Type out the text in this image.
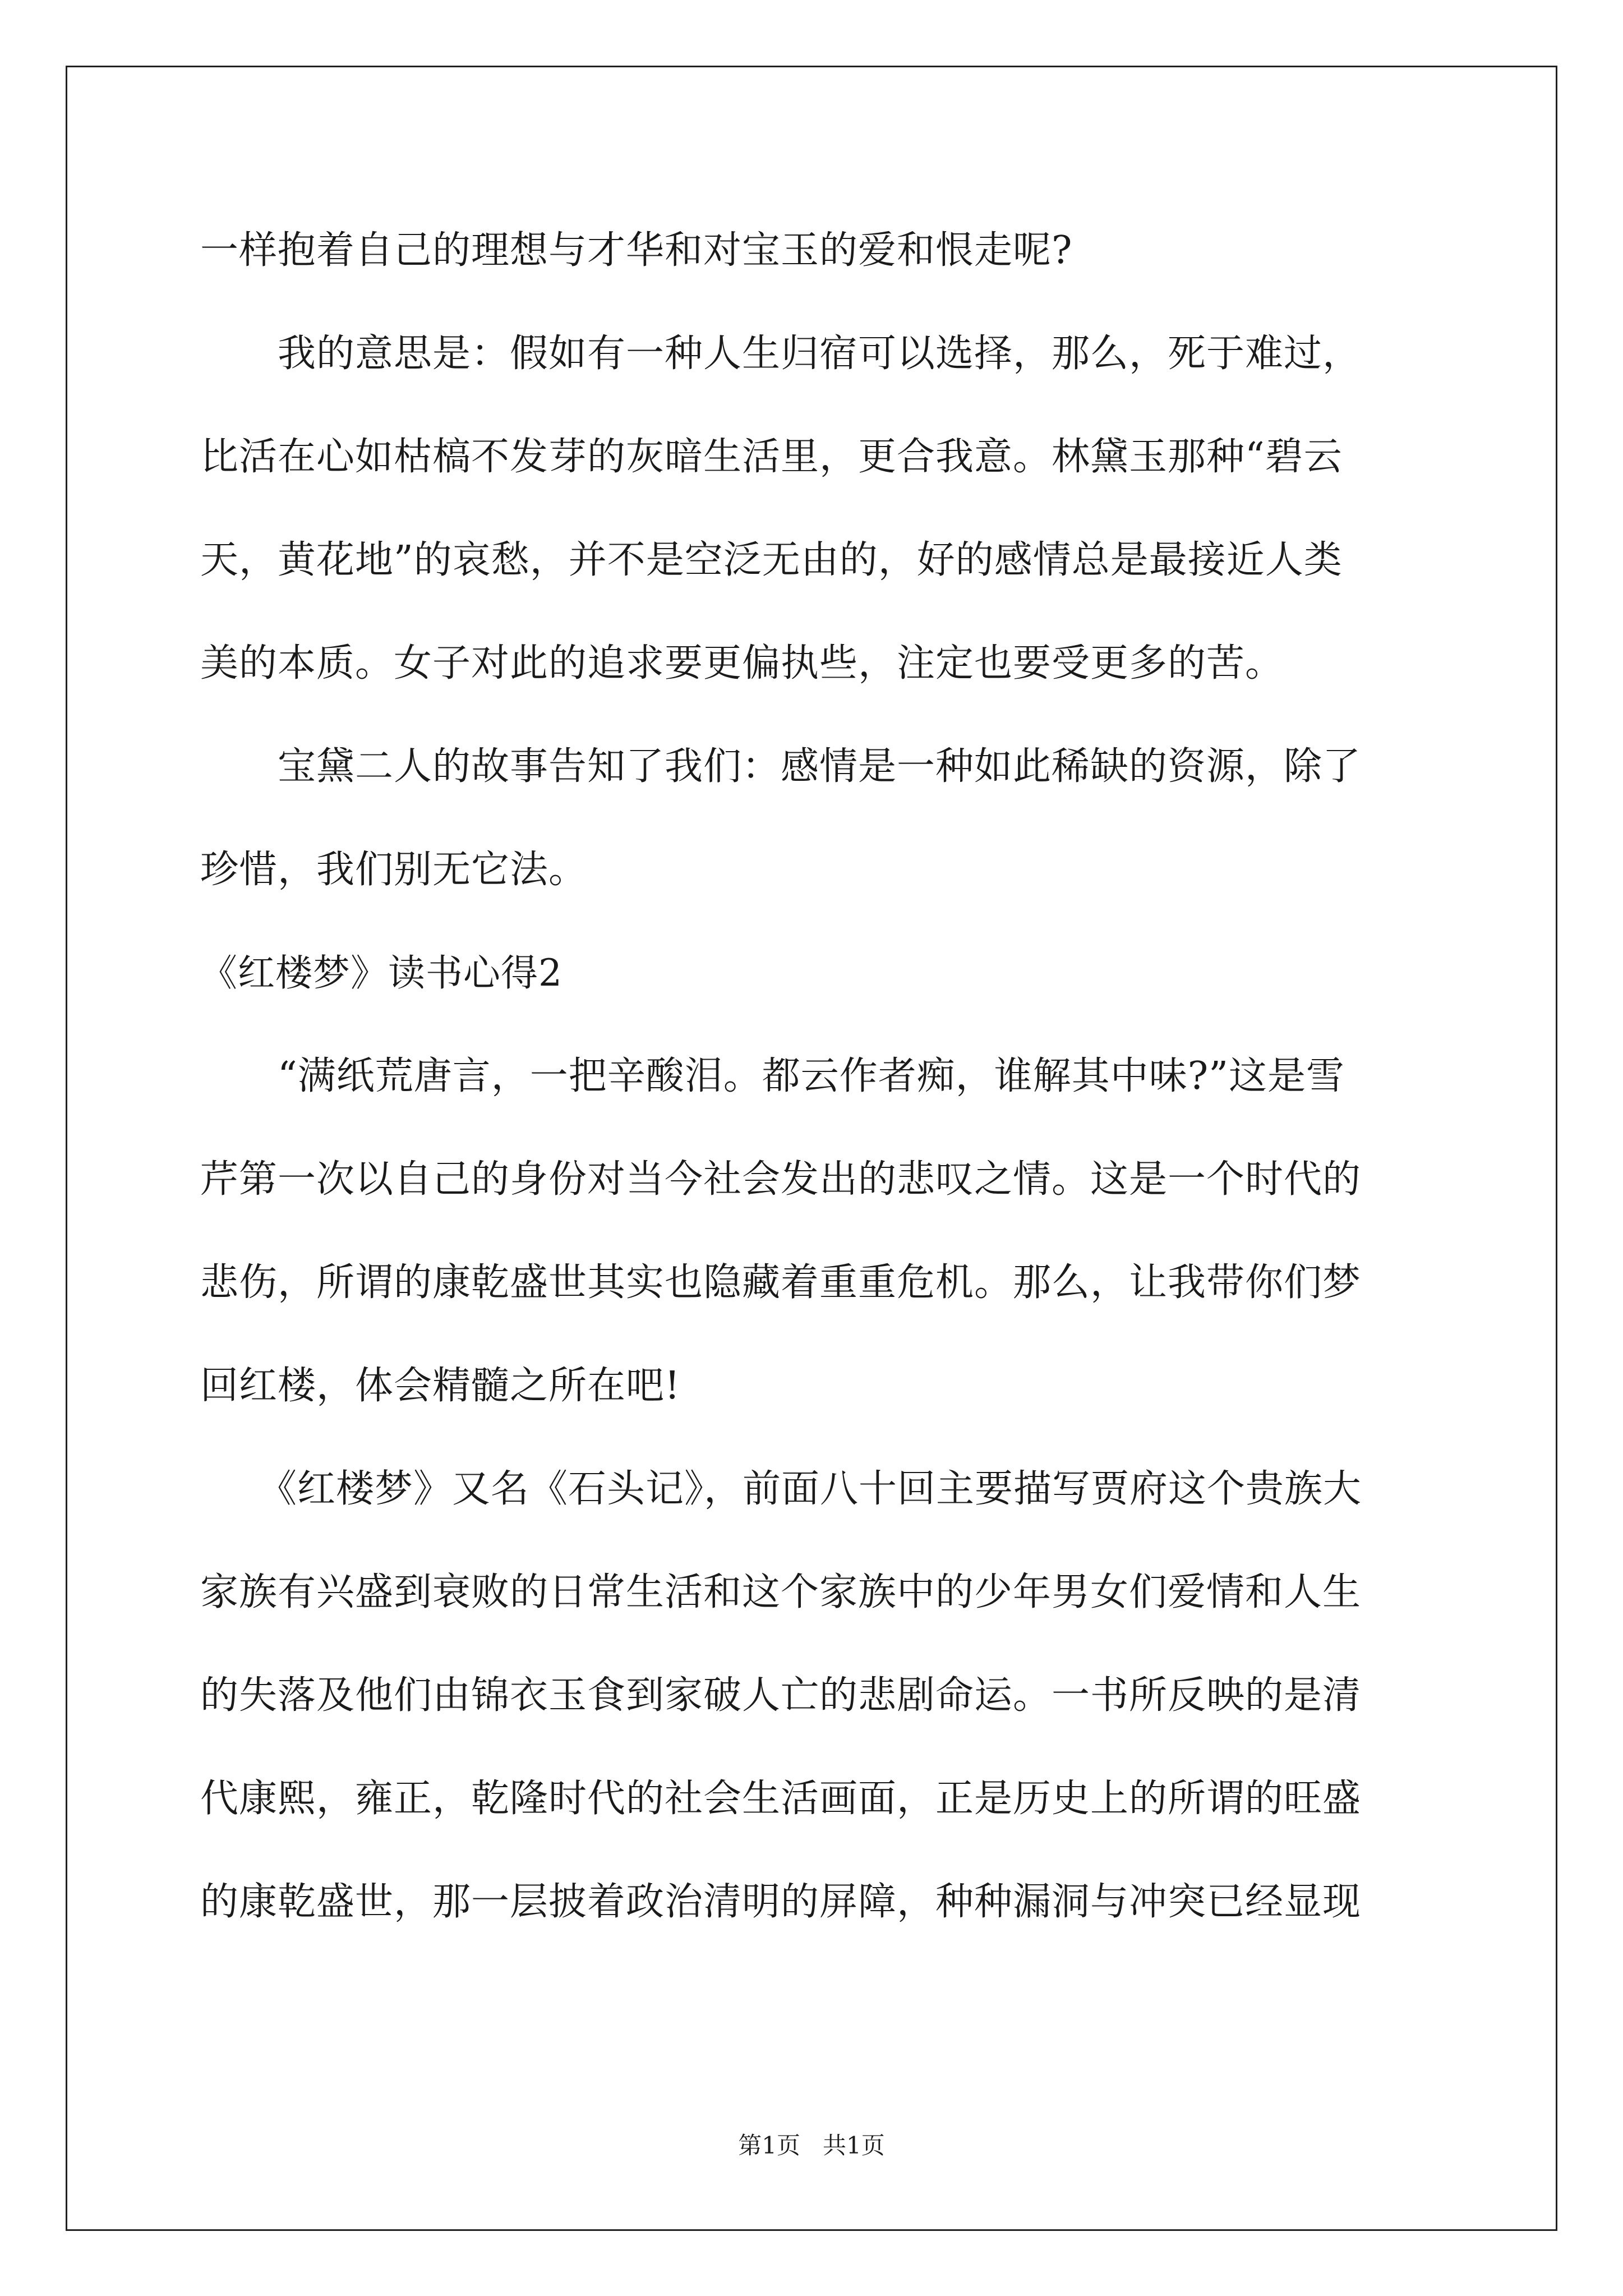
一样抱着自己的理想与才华和对宝玉的爱和恨走呢?
　　我的意思是：假如有一种人生归宿可以选择，那么，死于难过，
比活在心如枯槁不发芽的灰暗生活里，更合我意。林黛玉那种“碧云
天，黄花地”的哀愁，并不是空泛无由的，好的感情总是最接近人类
美的本质。女子对此的追求要更偏执些，注定也要受更多的苦。
　　宝黛二人的故事告知了我们：感情是一种如此稀缺的资源，除了
珍惜，我们别无它法。
《红楼梦》读书心得2
　　“满纸荒唐言，一把辛酸泪。都云作者痴，谁解其中味?”这是雪
芹第一次以自己的身份对当今社会发出的悲叹之情。这是一个时代的
悲伤，所谓的康乾盛世其实也隐藏着重重危机。那么，让我带你们梦
回红楼，体会精髓之所在吧!
　　《红楼梦》又名《石头记》，前面八十回主要描写贾府这个贵族大
家族有兴盛到衰败的日常生活和这个家族中的少年男女们爱情和人生
的失落及他们由锦衣玉食到家破人亡的悲剧命运。一书所反映的是清
代康熙，雍正，乾隆时代的社会生活画面，正是历史上的所谓的旺盛
的康乾盛世，那一层披着政治清明的屏障，种种漏洞与冲突已经显现
第1页 共1页
